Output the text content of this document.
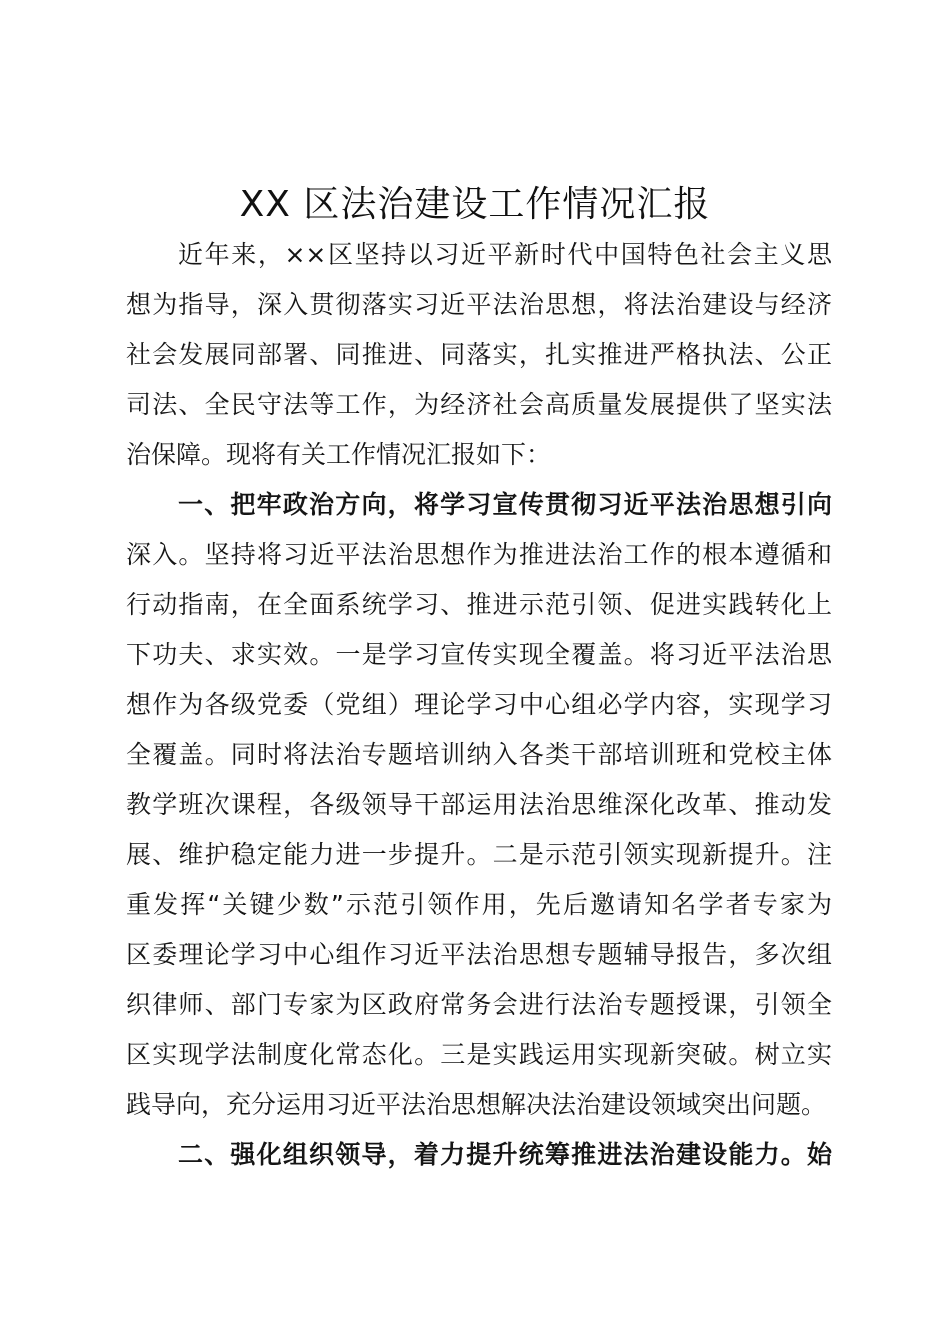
XX 区法治建设工作情况汇报
近年来，××区坚持以习近平新时代中国特色社会主义思
想为指导，深入贯彻落实习近平法治思想，将法治建设与经济
社会发展同部署、同推进、同落实，扎实推进严格执法、公正
司法、全民守法等工作，为经济社会高质量发展提供了坚实法
治保障。现将有关工作情况汇报如下：
一、把牢政治方向，将学习宣传贯彻习近平法治思想引向
深入。坚持将习近平法治思想作为推进法治工作的根本遵循和
行动指南，在全面系统学习、推进示范引领、促进实践转化上
下功夫、求实效。一是学习宣传实现全覆盖。将习近平法治思
想作为各级党委（党组）理论学习中心组必学内容，实现学习
全覆盖。同时将法治专题培训纳入各类干部培训班和党校主体
教学班次课程，各级领导干部运用法治思维深化改革、推动发
展、维护稳定能力进一步提升。二是示范引领实现新提升。注
重发挥“关键少数”示范引领作用，先后邀请知名学者专家为
区委理论学习中心组作习近平法治思想专题辅导报告，多次组
织律师、部门专家为区政府常务会进行法治专题授课，引领全
区实现学法制度化常态化。三是实践运用实现新突破。树立实
践导向，充分运用习近平法治思想解决法治建设领域突出问题。
二、强化组织领导，着力提升统筹推进法治建设能力。始
